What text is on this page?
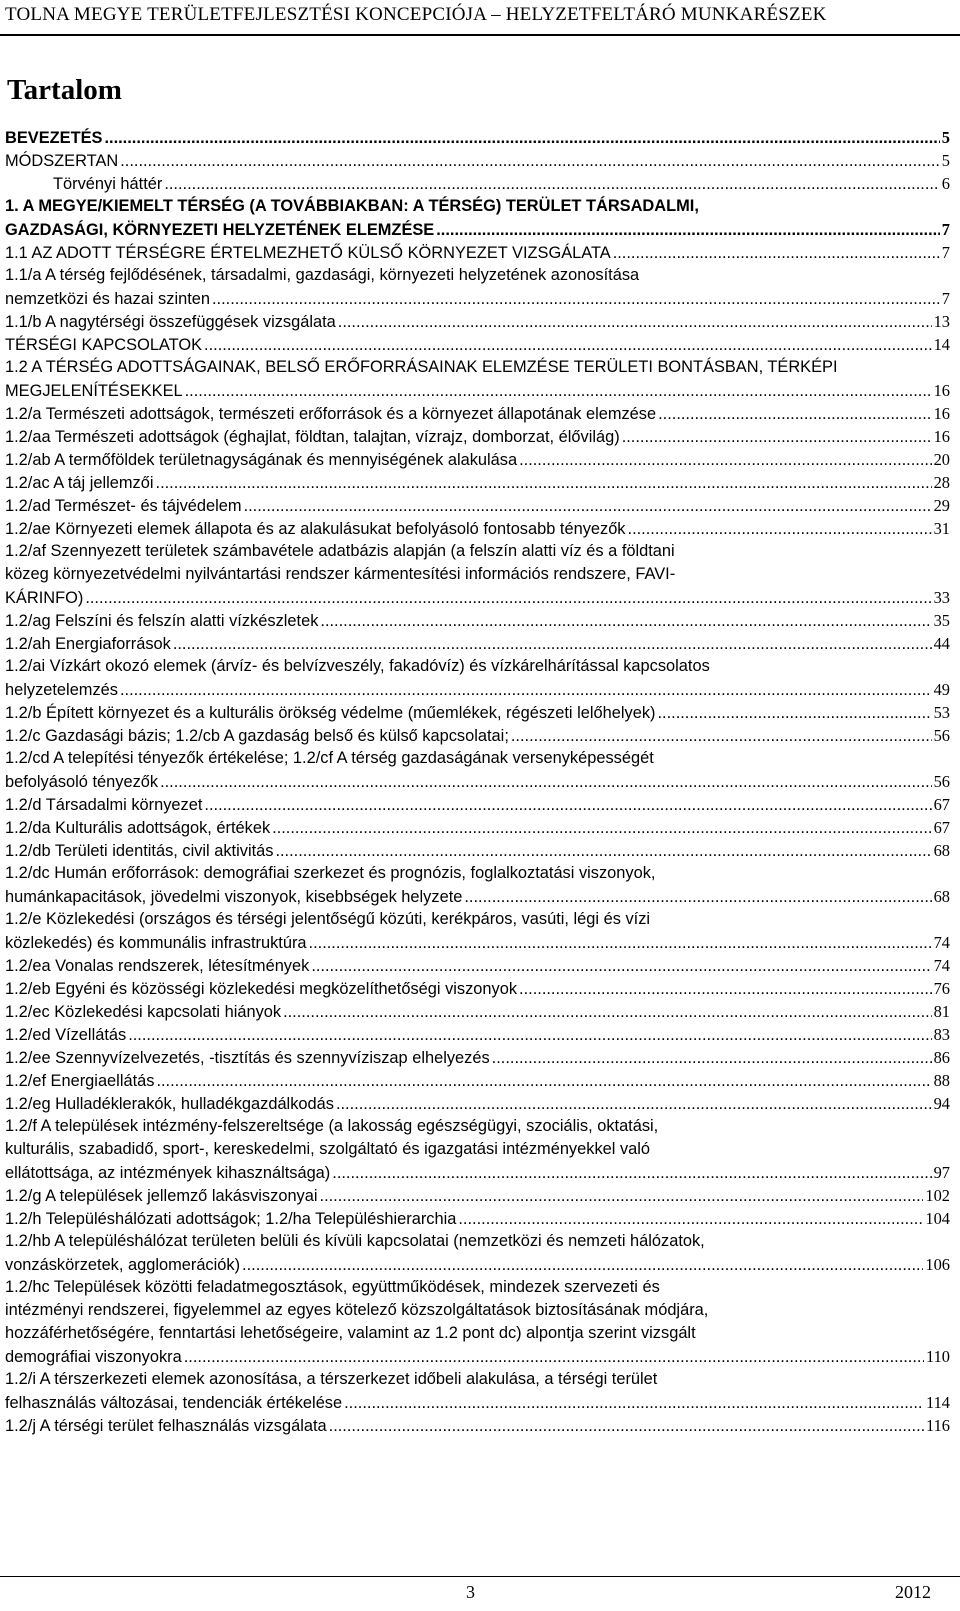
TOLNA MEGYE TERÜLETFEJLESZTÉSI KONCEPCIÓJA – HELYZETFELTÁRÓ MUNKARÉSZEK
Tartalom
BEVEZETÉS .....	5
MÓDSZERTAN .....	5
Törvényi háttér .....	6
1. A MEGYE/KIEMELT TÉRSÉG (A TOVÁBBIAKBAN: A TÉRSÉG) TERÜLET TÁRSADALMI,
GAZDASÁGI, KÖRNYEZETI HELYZETÉNEK ELEMZÉSE .....	7
1.1 AZ ADOTT TÉRSÉGRE ÉRTELMEZHETŐ KÜLSŐ KÖRNYEZET VIZSGÁLATA .....	7
1.1/a A térség fejlődésének, társadalmi, gazdasági, környezeti helyzetének azonosítása
nemzetközi és hazai szinten .....	7
1.1/b A nagytérségi összefüggések vizsgálata .....	13
TÉRSÉGI KAPCSOLATOK .....	14
1.2 A TÉRSÉG ADOTTSÁGAINAK, BELSŐ ERŐFORRÁSAINAK ELEMZÉSE TERÜLETI BONTÁSBAN, TÉRKÉPI
MEGJELENÍTÉSEKKEL .....	16
1.2/a Természeti adottságok, természeti erőforrások és a környezet állapotának elemzése .....	16
1.2/aa Természeti adottságok (éghajlat, földtan, talajtan, vízrajz, domborzat, élővilág) .....	16
1.2/ab A termőföldek területnagyságának és mennyiségének alakulása .....	20
1.2/ac A táj jellemzői .....	28
1.2/ad Természet- és tájvédelem .....	29
1.2/ae Környezeti elemek állapota és az alakulásukat befolyásoló fontosabb tényezők .....	31
1.2/af Szennyezett területek számbavétele adatbázis alapján (a felszín alatti víz és a földtani
közeg környezetvédelmi nyilvántartási rendszer kármentesítési információs rendszere, FAVI-
KÁRINFO) .....	33
1.2/ag Felszíni és felszín alatti vízkészletek .....	35
1.2/ah Energiaforrások .....	44
1.2/ai Vízkárt okozó elemek (árvíz- és belvízveszély, fakadóvíz) és vízkárelhárítással kapcsolatos
helyzetelemzés .....	49
1.2/b Épített környezet és a kulturális örökség védelme (műemlékek, régészeti lelőhelyek) .....	53
1.2/c Gazdasági bázis; 1.2/cb A gazdaság belső és külső kapcsolatai; .....	56
1.2/cd A telepítési tényezők értékelése; 1.2/cf A térség gazdaságának versenyképességét
befolyásoló tényezők .....	56
1.2/d Társadalmi környezet .....	67
1.2/da Kulturális adottságok, értékek .....	67
1.2/db Területi identitás, civil aktivitás .....	68
1.2/dc Humán erőforrások: demográfiai szerkezet és prognózis, foglalkoztatási viszonyok,
humánkapacitások, jövedelmi viszonyok, kisebbségek helyzete .....	68
1.2/e Közlekedési (országos és térségi jelentőségű közúti, kerékpáros, vasúti, légi és vízi
közlekedés) és kommunális infrastruktúra .....	74
1.2/ea Vonalas rendszerek, létesítmények .....	74
1.2/eb Egyéni és közösségi közlekedési megközelíthetőségi viszonyok .....	76
1.2/ec Közlekedési kapcsolati hiányok .....	81
1.2/ed Vízellátás .....	83
1.2/ee Szennyvízelvezetés, -tisztítás és szennyvíziszap elhelyezés .....	86
1.2/ef Energiaellátás .....	88
1.2/eg Hulladéklerakók, hulladékgazdálkodás .....	94
1.2/f A települések intézmény-felszereltsége (a lakosság egészségügyi, szociális, oktatási,
kulturális, szabadidő, sport-, kereskedelmi, szolgáltató és igazgatási intézményekkel való
ellátottsága, az intézmények kihasználtsága) .....	97
1.2/g A települések jellemző lakásviszonyai .....	102
1.2/h Településhálózati adottságok; 1.2/ha Településhierarchia .....	104
1.2/hb A településhálózat területen belüli és kívüli kapcsolatai (nemzetközi és nemzeti hálózatok,
vonzáskörzetek, agglomerációk) .....	106
1.2/hc Települések közötti feladatmegosztások, együttműködések, mindezek szervezeti és
intézményi rendszerei, figyelemmel az egyes kötelező közszolgáltatások biztosításának módjára,
hozzáférhetőségére, fenntartási lehetőségeire, valamint az 1.2 pont dc) alpontja szerint vizsgált
demográfiai viszonyokra .....	110
1.2/i A térszerkezeti elemek azonosítása, a térszerkezet időbeli alakulása, a térségi terület
felhasználás változásai, tendenciák értékelése .....	114
1.2/j A térségi terület felhasználás vizsgálata .....	116
3	2012
